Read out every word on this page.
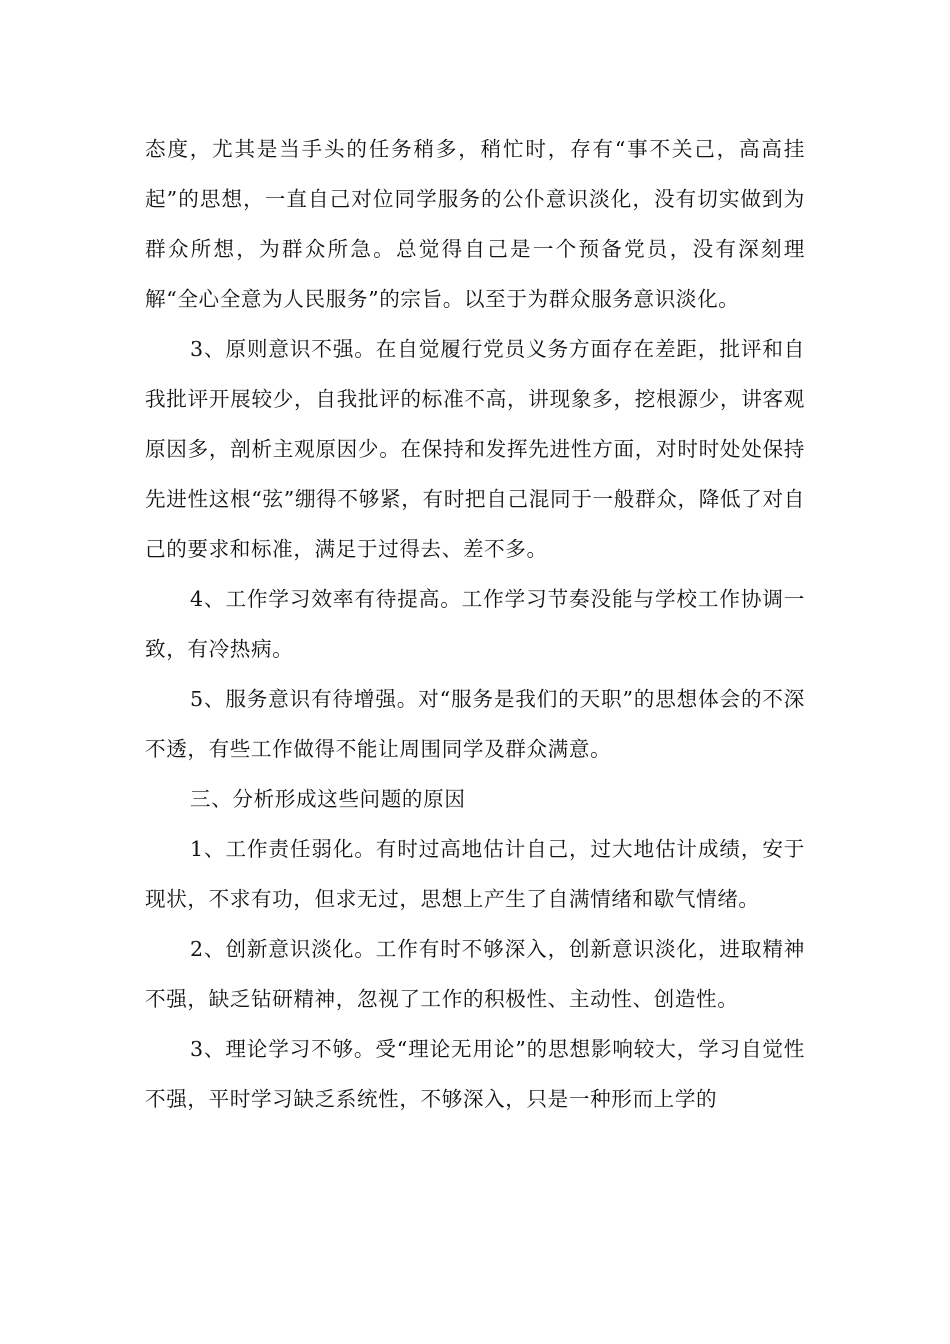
态度，尤其是当手头的任务稍多，稍忙时，存有“事不关己，高高挂起”的思想，一直自己对位同学服务的公仆意识淡化，没有切实做到为群众所想，为群众所急。总觉得自己是一个预备党员，没有深刻理解“全心全意为人民服务”的宗旨。以至于为群众服务意识淡化。

3、原则意识不强。在自觉履行党员义务方面存在差距，批评和自我批评开展较少，自我批评的标准不高，讲现象多，挖根源少，讲客观原因多，剖析主观原因少。在保持和发挥先进性方面，对时时处处保持先进性这根“弦”绷得不够紧，有时把自己混同于一般群众，降低了对自己的要求和标准，满足于过得去、差不多。

4、工作学习效率有待提高。工作学习节奏没能与学校工作协调一致，有冷热病。

5、服务意识有待增强。对“服务是我们的天职”的思想体会的不深不透，有些工作做得不能让周围同学及群众满意。

三、分析形成这些问题的原因

1、工作责任弱化。有时过高地估计自己，过大地估计成绩，安于现状，不求有功，但求无过，思想上产生了自满情绪和歇气情绪。

2、创新意识淡化。工作有时不够深入，创新意识淡化，进取精神不强，缺乏钻研精神，忽视了工作的积极性、主动性、创造性。

3、理论学习不够。受“理论无用论”的思想影响较大，学习自觉性不强，平时学习缺乏系统性，不够深入，只是一种形而上学的
